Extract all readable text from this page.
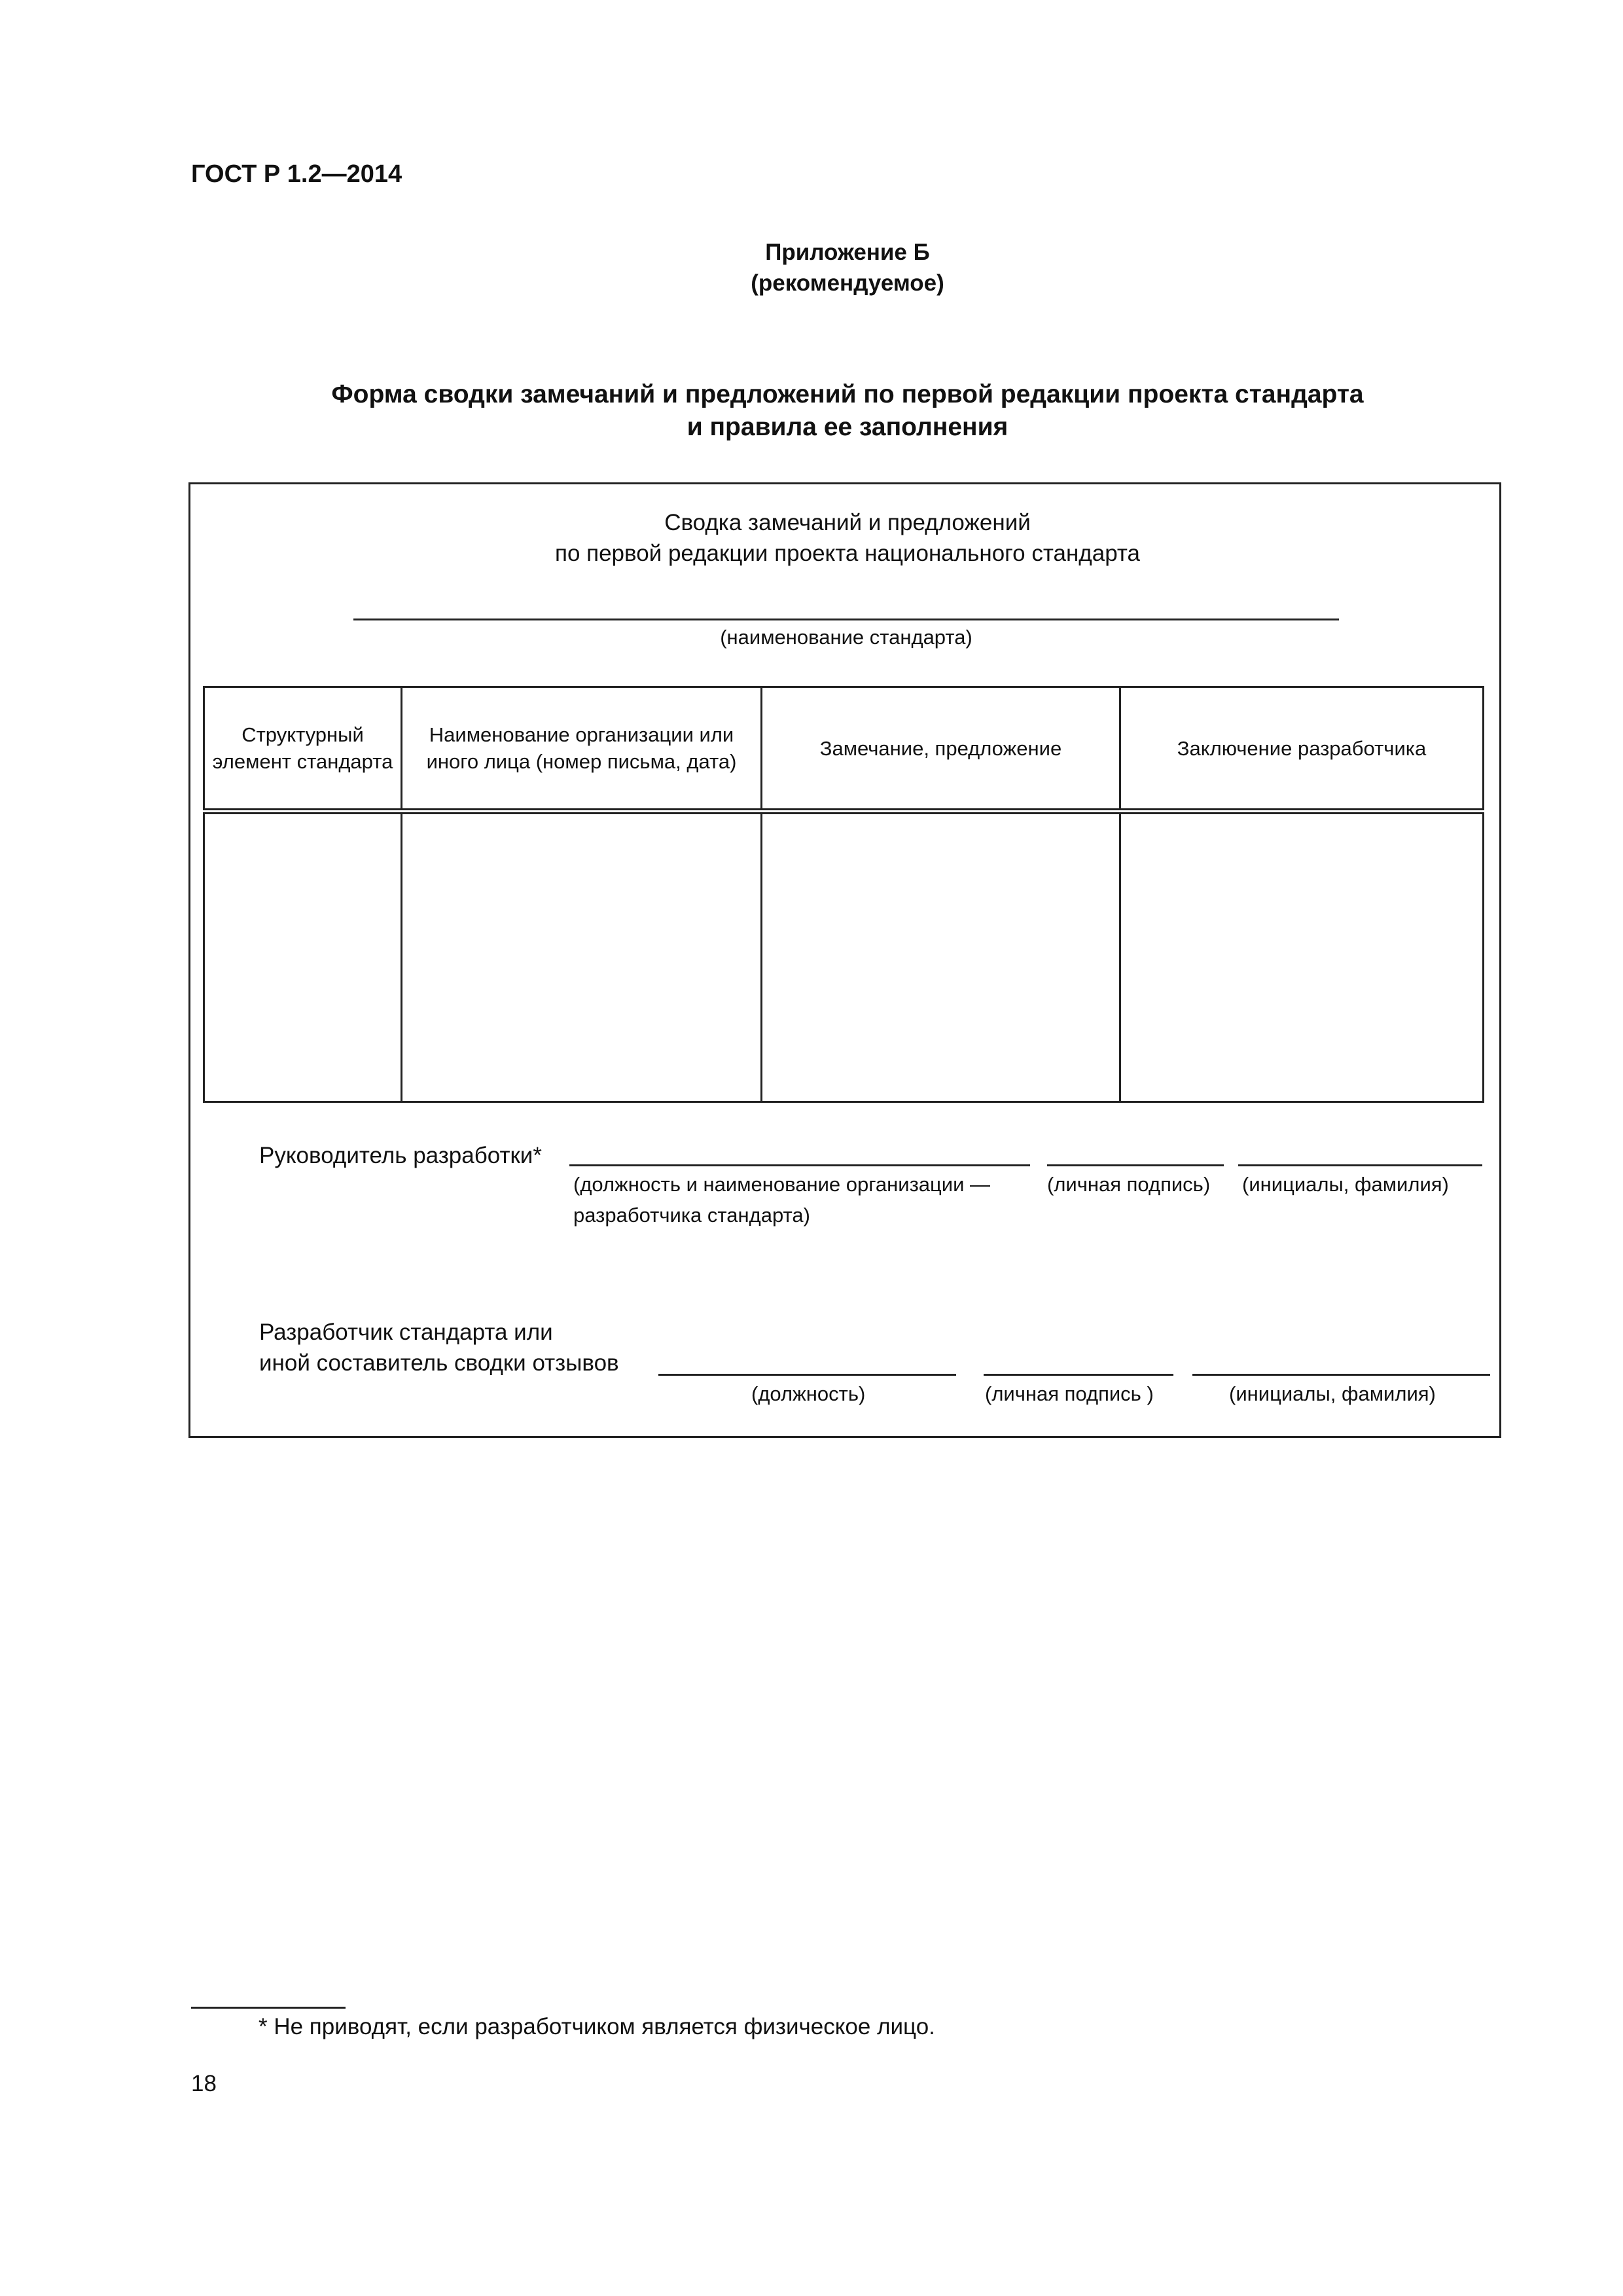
ГОСТ Р 1.2—2014
Приложение Б
(рекомендуемое)
Форма сводки замечаний и предложений по первой редакции проекта стандарта
и правила ее заполнения
Сводка замечаний и предложений
по первой редакции проекта национального стандарта
(наименование стандарта)
Структурный элемент стандарта	Наименование организации или иного лица (номер письма, дата)	Замечание, предложение	Заключение разработчика

Руководитель разработки*
(должность и наименование организации —
разработчика стандарта)
(личная подпись) (инициалы, фамилия)
Разработчик стандарта или
иной составитель сводки отзывов
(должность)	(личная подпись )	(инициалы, фамилия)
* Не приводят, если разработчиком является физическое лицо.
18
